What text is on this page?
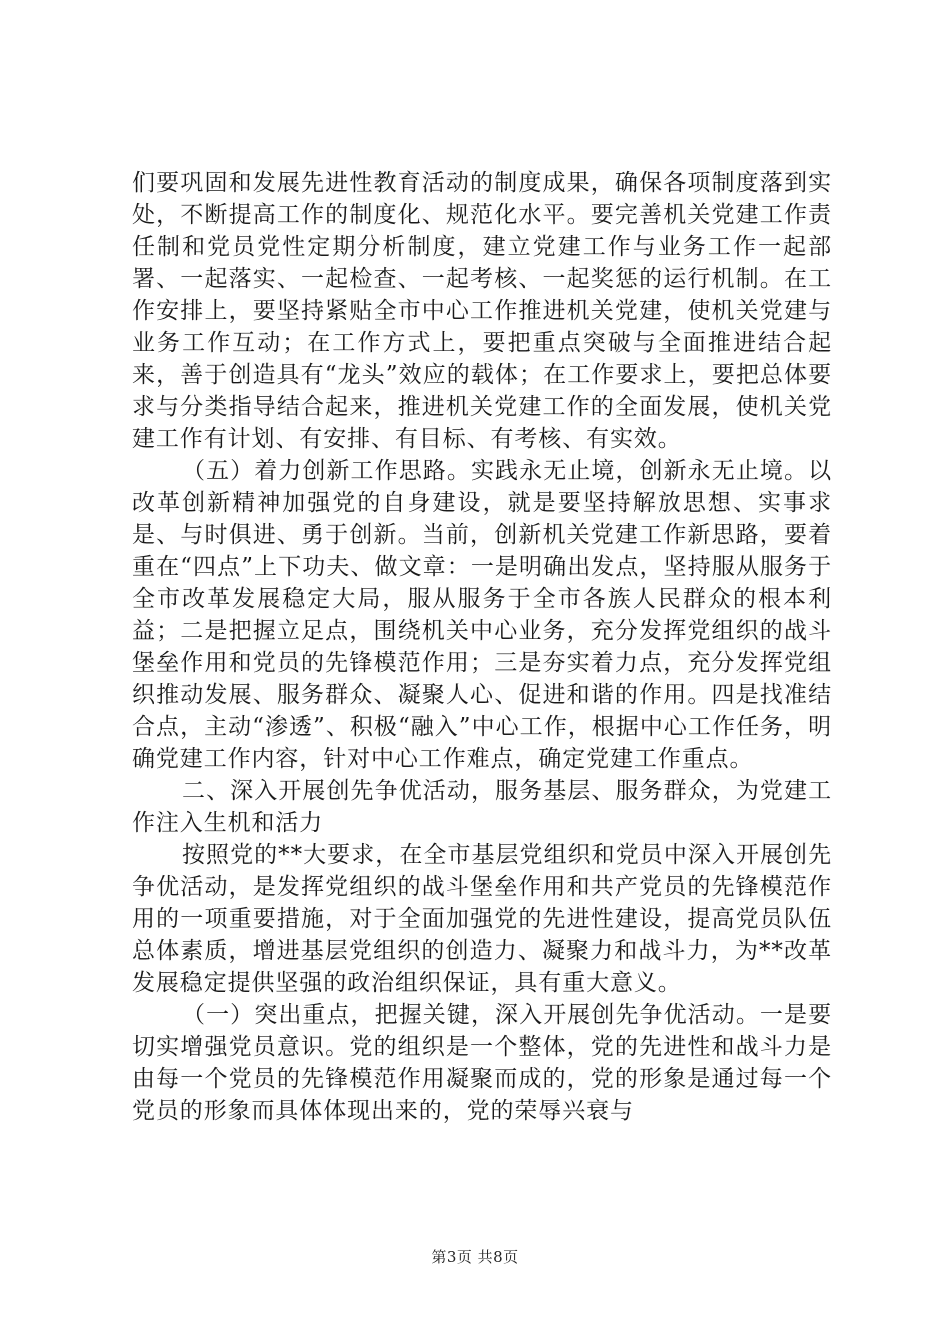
们要巩固和发展先进性教育活动的制度成果，确保各项制度落到实处，不断提高工作的制度化、规范化水平。要完善机关党建工作责任制和党员党性定期分析制度，建立党建工作与业务工作一起部署、一起落实、一起检查、一起考核、一起奖惩的运行机制。在工作安排上，要坚持紧贴全市中心工作推进机关党建，使机关党建与业务工作互动；在工作方式上，要把重点突破与全面推进结合起来，善于创造具有“龙头”效应的载体；在工作要求上，要把总体要求与分类指导结合起来，推进机关党建工作的全面发展，使机关党建工作有计划、有安排、有目标、有考核、有实效。

（五）着力创新工作思路。实践永无止境，创新永无止境。以改革创新精神加强党的自身建设，就是要坚持解放思想、实事求是、与时俱进、勇于创新。当前，创新机关党建工作新思路，要着重在“四点”上下功夫、做文章：一是明确出发点，坚持服从服务于全市改革发展稳定大局，服从服务于全市各族人民群众的根本利益；二是把握立足点，围绕机关中心业务，充分发挥党组织的战斗堡垒作用和党员的先锋模范作用；三是夯实着力点，充分发挥党组织推动发展、服务群众、凝聚人心、促进和谐的作用。四是找准结合点，主动“渗透”、积极“融入”中心工作，根据中心工作任务，明确党建工作内容，针对中心工作难点，确定党建工作重点。

二、深入开展创先争优活动，服务基层、服务群众，为党建工作注入生机和活力

按照党的**大要求，在全市基层党组织和党员中深入开展创先争优活动，是发挥党组织的战斗堡垒作用和共产党员的先锋模范作用的一项重要措施，对于全面加强党的先进性建设，提高党员队伍总体素质，增进基层党组织的创造力、凝聚力和战斗力，为**改革发展稳定提供坚强的政治组织保证，具有重大意义。

（一）突出重点，把握关键，深入开展创先争优活动。一是要切实增强党员意识。党的组织是一个整体，党的先进性和战斗力是由每一个党员的先锋模范作用凝聚而成的，党的形象是通过每一个党员的形象而具体体现出来的，党的荣辱兴衰与

第3页 共8页
